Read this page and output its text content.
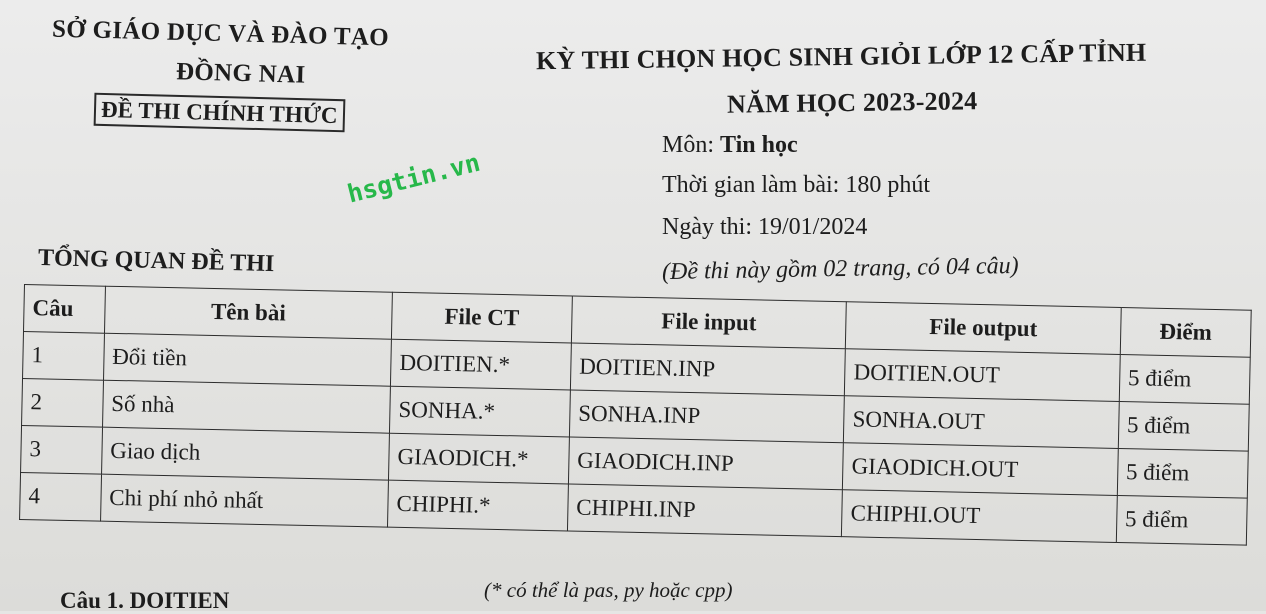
SỞ GIÁO DỤC VÀ ĐÀO TẠO
ĐỒNG NAI
ĐỀ THI CHÍNH THỨC
KỲ THI CHỌN HỌC SINH GIỎI LỚP 12 CẤP TỈNH
NĂM HỌC 2023-2024
Môn: Tin học
Thời gian làm bài: 180 phút
Ngày thi: 19/01/2024
(Đề thi này gồm 02 trang, có 04 câu)
hsgtin.vn
TỔNG QUAN ĐỀ THI
Câu	Tên bài	File CT	File input	File output	Điểm
1	Đổi tiền	DOITIEN.*	DOITIEN.INP	DOITIEN.OUT	5 điểm
2	Số nhà	SONHA.*	SONHA.INP	SONHA.OUT	5 điểm
3	Giao dịch	GIAODICH.*	GIAODICH.INP	GIAODICH.OUT	5 điểm
4	Chi phí nhỏ nhất	CHIPHI.*	CHIPHI.INP	CHIPHI.OUT	5 điểm
(* có thể là pas, py hoặc cpp)
Câu 1. DOITIEN
